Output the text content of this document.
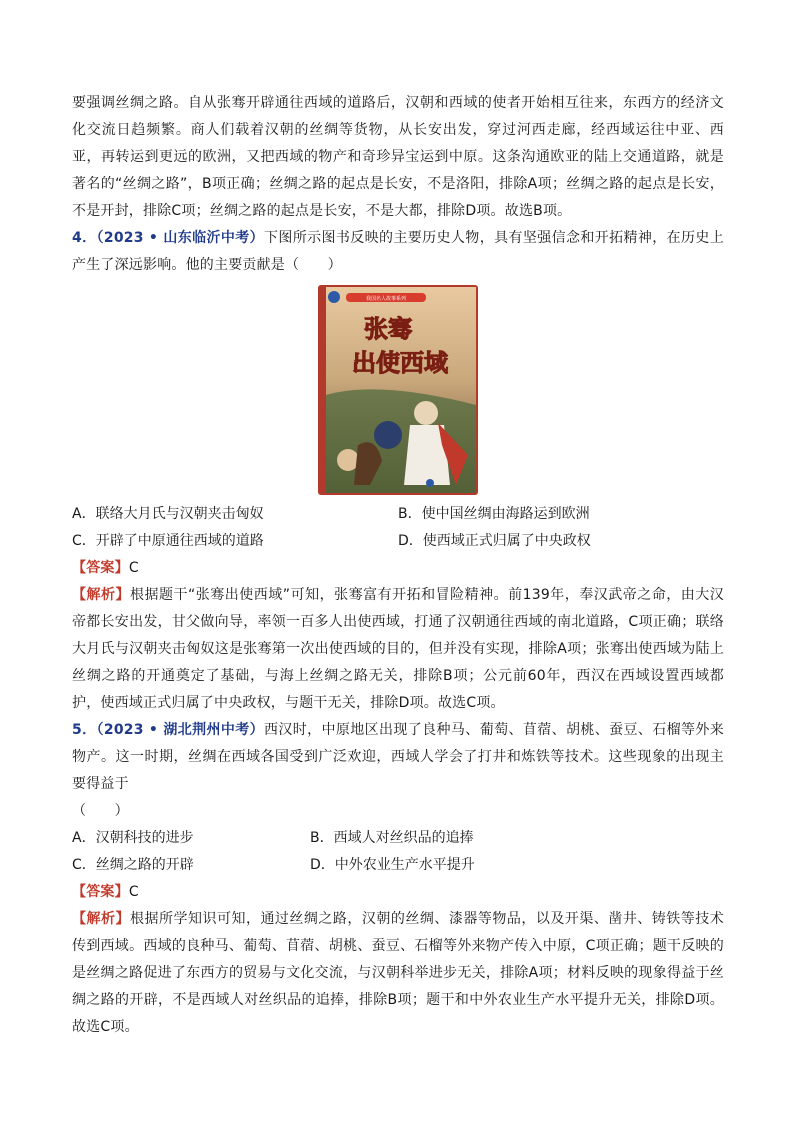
要强调丝绸之路。自从张骞开辟通往西域的道路后，汉朝和西域的使者开始相互往来，东西方的经济文化交流日趋频繁。商人们载着汉朝的丝绸等货物，从长安出发，穿过河西走廊，经西域运往中亚、西亚，再转运到更远的欧洲，又把西域的物产和奇珍异宝运到中原。这条沟通欧亚的陆上交通道路，就是著名的“丝绸之路”，B项正确；丝绸之路的起点是长安，不是洛阳，排除A项；丝绸之路的起点是长安，不是开封，排除C项；丝绸之路的起点是长安，不是大都，排除D项。故选B项。

4．（2023 • 山东临沂中考）下图所示图书反映的主要历史人物，具有坚强信念和开拓精神，在历史上产生了深远影响。他的主要贡献是（　　）

我国名人故事系列
张骞
出使西域
A．联络大月氏与汉朝夹击匈奴	B．使中国丝绸由海路运到欧洲
C．开辟了中原通往西域的道路	D．使西域正式归属了中央政权

【答案】C

【解析】根据题干“张骞出使西域”可知，张骞富有开拓和冒险精神。前139年，奉汉武帝之命，由大汉帝都长安出发，甘父做向导，率领一百多人出使西域，打通了汉朝通往西域的南北道路，C项正确；联络大月氏与汉朝夹击匈奴这是张骞第一次出使西域的目的，但并没有实现，排除A项；张骞出使西域为陆上丝绸之路的开通奠定了基础，与海上丝绸之路无关，排除B项；公元前60年，西汉在西域设置西域都护，使西域正式归属了中央政权，与题干无关，排除D项。故选C项。

5．（2023 • 湖北荆州中考）西汉时，中原地区出现了良种马、葡萄、苜蓿、胡桃、蚕豆、石榴等外来物产。这一时期，丝绸在西域各国受到广泛欢迎，西域人学会了打井和炼铁等技术。这些现象的出现主要得益于

（　　）

A．汉朝科技的进步	B．西域人对丝织品的追捧
C．丝绸之路的开辟	D．中外农业生产水平提升

【答案】C

【解析】根据所学知识可知，通过丝绸之路，汉朝的丝绸、漆器等物品，以及开渠、凿井、铸铁等技术传到西域。西域的良种马、葡萄、苜蓿、胡桃、蚕豆、石榴等外来物产传入中原，C项正确；题干反映的是丝绸之路促进了东西方的贸易与文化交流，与汉朝科举进步无关，排除A项；材料反映的现象得益于丝绸之路的开辟，不是西域人对丝织品的追捧，排除B项；题干和中外农业生产水平提升无关，排除D项。故选C项。
